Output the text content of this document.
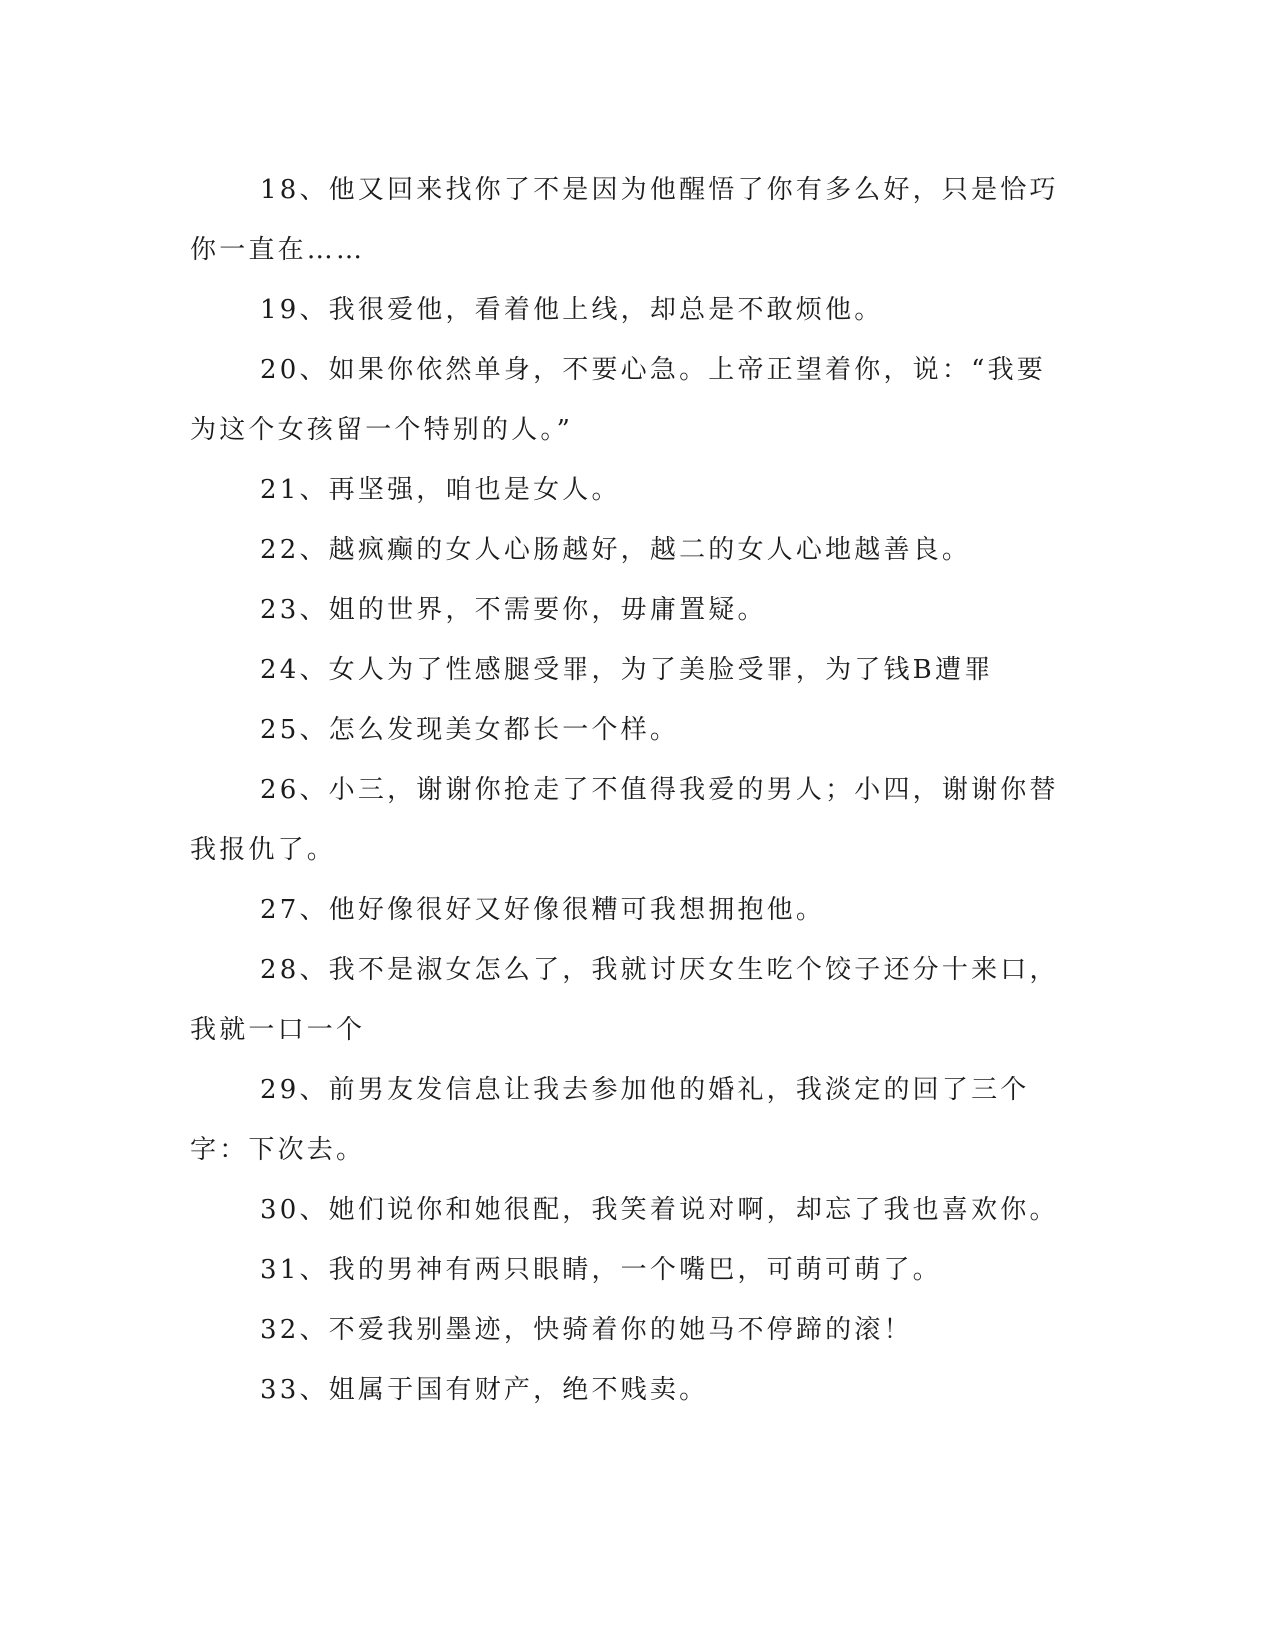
18、他又回来找你了不是因为他醒悟了你有多么好，只是恰巧你一直在……

19、我很爱他，看着他上线，却总是不敢烦他。

20、如果你依然单身，不要心急。上帝正望着你，说：“我要为这个女孩留一个特别的人。”

21、再坚强，咱也是女人。

22、越疯癫的女人心肠越好，越二的女人心地越善良。

23、姐的世界，不需要你，毋庸置疑。

24、女人为了性感腿受罪，为了美脸受罪，为了钱B遭罪

25、怎么发现美女都长一个样。

26、小三，谢谢你抢走了不值得我爱的男人；小四，谢谢你替我报仇了。

27、他好像很好又好像很糟可我想拥抱他。

28、我不是淑女怎么了，我就讨厌女生吃个饺子还分十来口，我就一口一个

29、前男友发信息让我去参加他的婚礼，我淡定的回了三个字：下次去。

30、她们说你和她很配，我笑着说对啊，却忘了我也喜欢你。

31、我的男神有两只眼睛，一个嘴巴，可萌可萌了。

32、不爱我别墨迹，快骑着你的她马不停蹄的滚！

33、姐属于国有财产，绝不贱卖。
